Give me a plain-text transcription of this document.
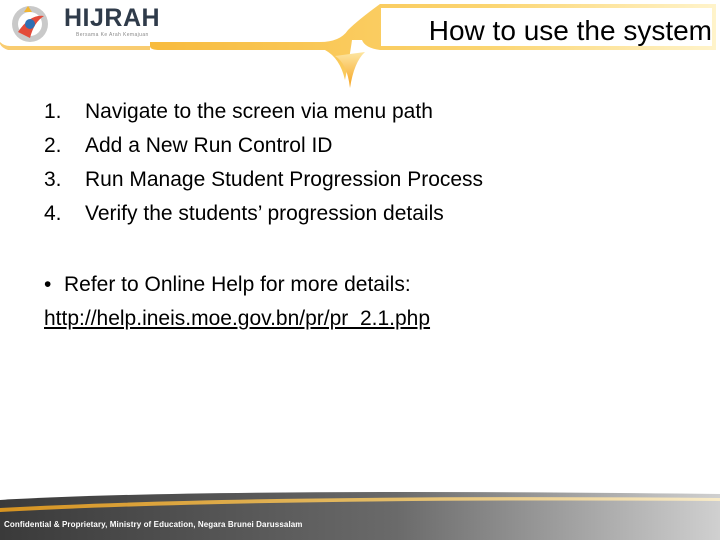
HIJRAH
Bersama Ke Arah Kemajuan	How to use the system
1. Navigate to the screen via menu path
2. Add a New Run Control ID
3. Run Manage Student Progression Process
4. Verify the students’ progression details
• Refer to Online Help for more details:
http://help.ineis.moe.gov.bn/pr/pr_2.1.php
Confidential & Proprietary, Ministry of Education, Negara Brunei Darussalam
